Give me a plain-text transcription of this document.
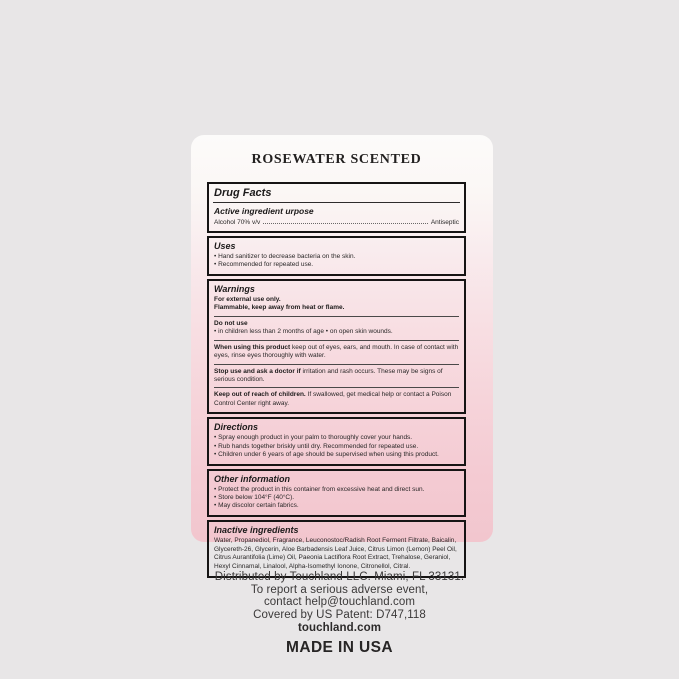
ROSEWATER SCENTED
Drug Facts
Active ingredient urpose
Alcohol 70% v/v	Antiseptic
Uses
• Hand sanitizer to decrease bacteria on the skin.
• Recommended for repeated use.
Warnings
For external use only.
Flammable, keep away from heat or flame.
Do not use
• in children less than 2 months of age • on open skin wounds.
When using this product keep out of eyes, ears, and mouth. In case of contact with eyes, rinse eyes thoroughly with water.
Stop use and ask a doctor if irritation and rash occurs. These may be signs of serious condition.
Keep out of reach of children. If swallowed, get medical help or contact a Poison Control Center right away.
Directions
• Spray enough product in your palm to thoroughly cover your hands.
• Rub hands together briskly until dry. Recommended for repeated use.
• Children under 6 years of age should be supervised when using this product.
Other information
• Protect the product in this container from excessive heat and direct sun.
• Store below 104°F (40°C).
• May discolor certain fabrics.
Inactive ingredients
Water, Propanediol, Fragrance, Leuconostoc/Radish Root Ferment Filtrate, Baicalin, Glycereth-26, Glycerin, Aloe Barbadensis Leaf Juice, Citrus Limon (Lemon) Peel Oil, Citrus Aurantifolia (Lime) Oil, Paeonia Lactiflora Root Extract, Trehalose, Geraniol, Hexyl Cinnamal, Linalool, Alpha-Isomethyl Ionone, Citronellol, Citral.
Distributed by Touchland LLC. Miami, FL 33131.
To report a serious adverse event,
contact help@touchland.com
Covered by US Patent: D747,118
touchland.com
MADE IN USA
